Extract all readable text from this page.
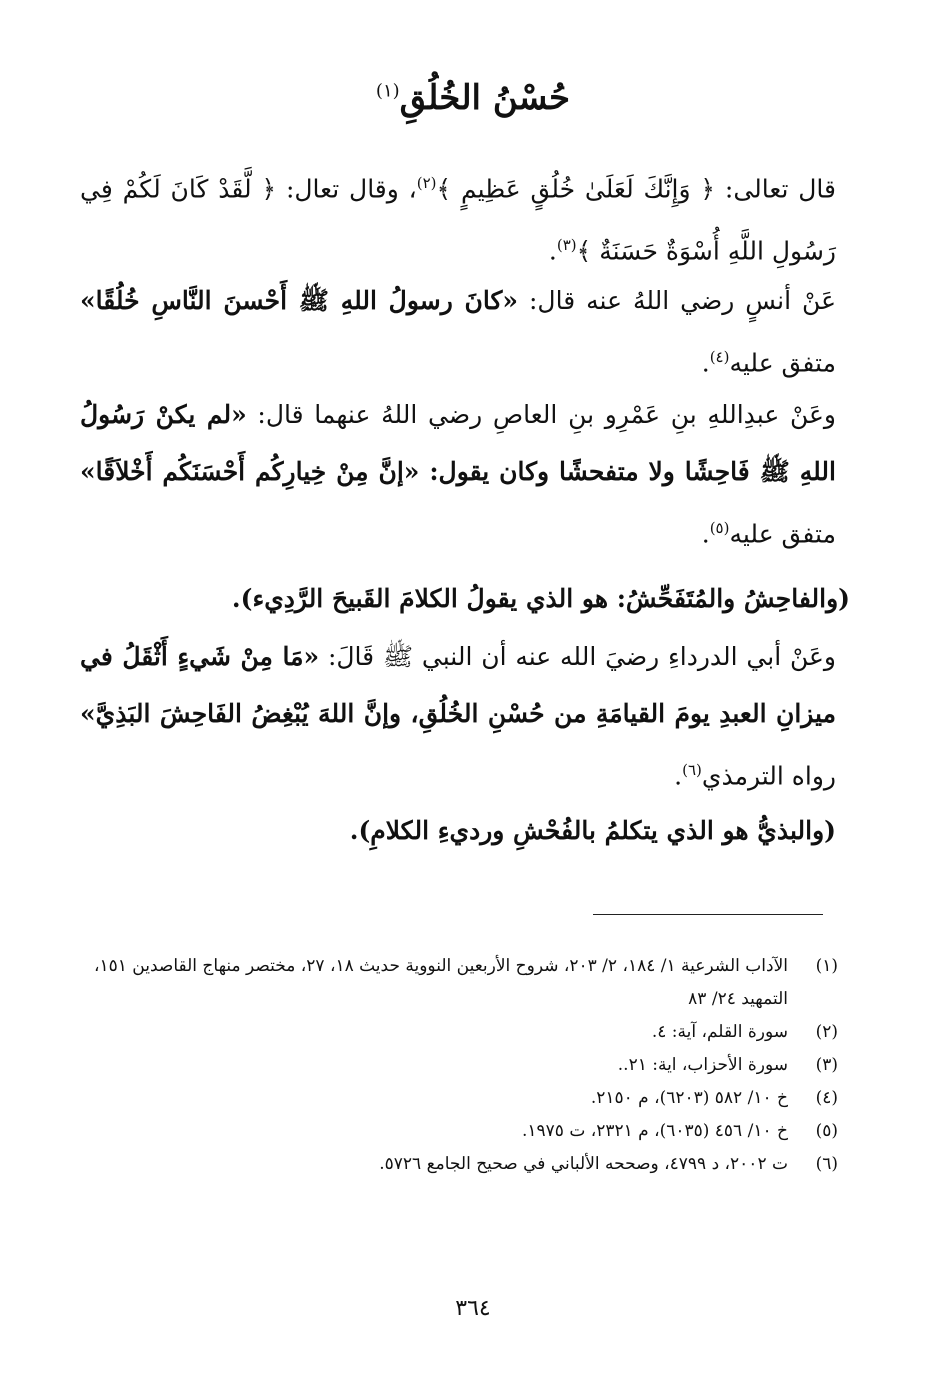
حُسْنُ الخُلُقِ$^{(١)}$
قال تعالى: ﴿ وَإِنَّكَ لَعَلَىٰ خُلُقٍ عَظِيمٍ ﴾$^{(٢)}$، وقال تعال: ﴿ لَّقَدْ كَانَ لَكُمْ فِي رَسُولِ اللَّهِ أُسْوَةٌ حَسَنَةٌ ﴾$^{(٣)}$.
عَنْ أنسٍ رضي اللهُ عنه قال: «كانَ رسولُ اللهِ ﷺ أَحْسنَ النَّاسِ خُلُقًا» متفق عليه$^{(٤)}$.
وعَنْ عبدِاللهِ بنِ عَمْرِو بنِ العاصِ رضي اللهُ عنهما قال: «لم يكنْ رَسُولُ اللهِ ﷺ فَاحِشًا ولا متفحشًا وكان يقول: «إنَّ مِنْ خِيارِكُم أَحْسَنَكُم أَخْلاَقًا» متفق عليه$^{(٥)}$.
(والفاحِشُ والمُتَفَحِّشُ: هو الذي يقولُ الكلامَ القَبيحَ الرَّدِيء).
وعَنْ أبي الدرداءِ رضيَ الله عنه أن النبي ﷺ قَالَ: «مَا مِنْ شَيءٍ أَثْقَلُ في ميزانِ العبدِ يومَ القيامَةِ من حُسْنِ الخُلُقِ، وإنَّ اللهَ يُبْغِضُ الفَاحِشَ البَذِيَّ» رواه الترمذي$^{(٦)}$.
(والبذيُّ هو الذي يتكلمُ بالفُحْشِ ورديءِ الكلامِ).
(١)
الآداب الشرعية ١/ ١٨٤، ٢/ ٢٠٣، شروح الأربعين النووية حديث ١٨، ٢٧، مختصر منهاج القاصدين ١٥١، التمهيد ٢٤/ ٨٣
(٢)
سورة القلم، آية: ٤.
(٣)
سورة الأحزاب، اية: ٢١..
(٤)
خ ١٠/ ٥٨٢ (٦٢٠٣)، م ٢١٥٠.
(٥)
خ ١٠/ ٤٥٦ (٦٠٣٥)، م ٢٣٢١، ت ١٩٧٥.
(٦)
ت ٢٠٠٢، د ٤٧٩٩، وصححه الألباني في صحيح الجامع ٥٧٢٦.
٣٦٤
